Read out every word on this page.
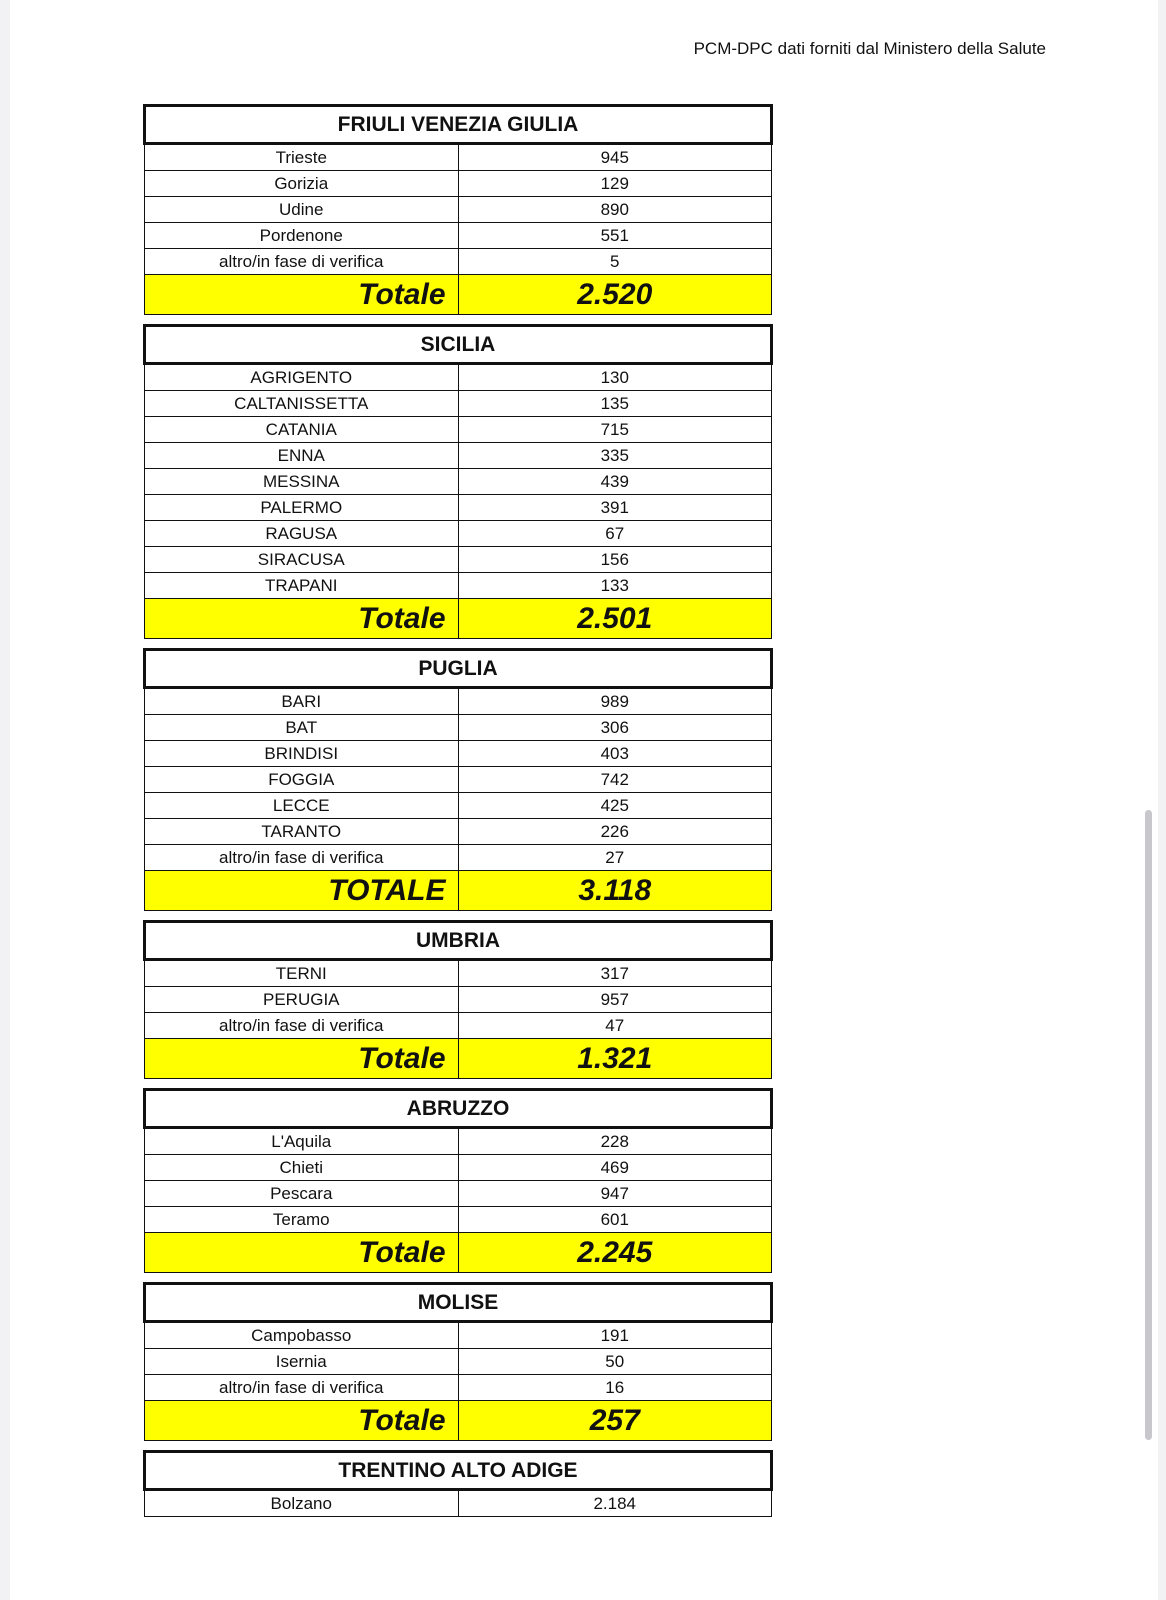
PCM-DPC dati forniti dal Ministero della Salute
FRIULI VENEZIA GIULIA	
Trieste	945
Gorizia	129
Udine	890
Pordenone	551
altro/in fase di verifica	5
Totale	2.520
SICILIA	
AGRIGENTO	130
CALTANISSETTA	135
CATANIA	715
ENNA	335
MESSINA	439
PALERMO	391
RAGUSA	67
SIRACUSA	156
TRAPANI	133
Totale	2.501
PUGLIA	
BARI	989
BAT	306
BRINDISI	403
FOGGIA	742
LECCE	425
TARANTO	226
altro/in fase di verifica	27
TOTALE	3.118
UMBRIA	
TERNI	317
PERUGIA	957
altro/in fase di verifica	47
Totale	1.321
ABRUZZO	
L'Aquila	228
Chieti	469
Pescara	947
Teramo	601
Totale	2.245
MOLISE	
Campobasso	191
Isernia	50
altro/in fase di verifica	16
Totale	257
TRENTINO ALTO ADIGE
Bolzano	2.184
